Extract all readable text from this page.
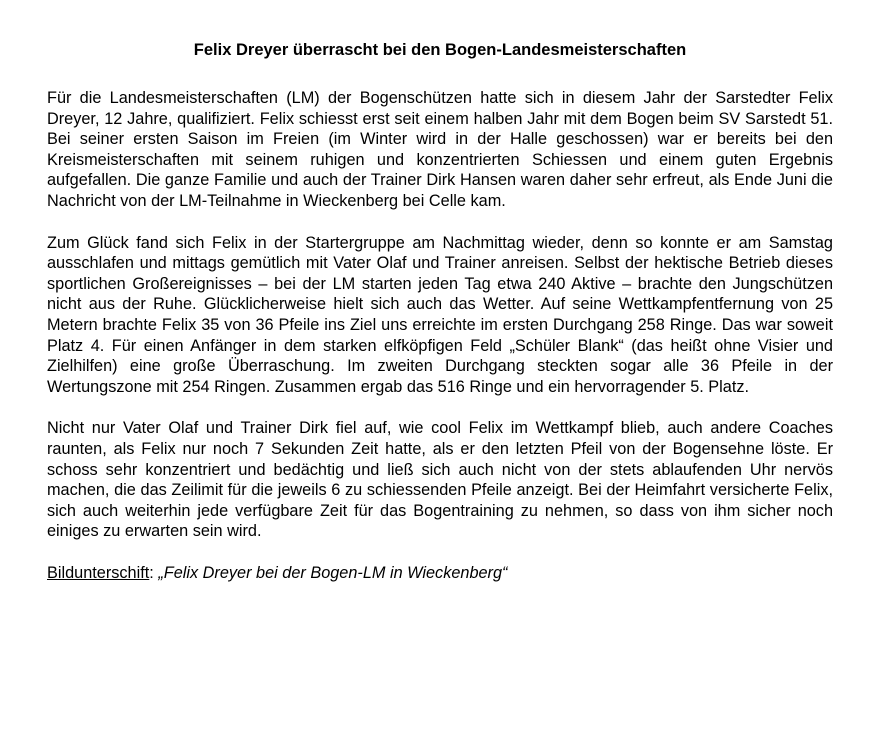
Felix Dreyer überrascht bei den Bogen-Landesmeisterschaften

Für die Landesmeisterschaften (LM) der Bogenschützen hatte sich in diesem Jahr der Sarstedter Felix Dreyer, 12 Jahre, qualifiziert. Felix schiesst erst seit einem halben Jahr mit dem Bogen beim SV Sarstedt 51. Bei seiner ersten Saison im Freien (im Winter wird in der Halle geschossen) war er bereits bei den Kreismeisterschaften mit seinem ruhigen und konzentrierten Schiessen und einem guten Ergebnis aufgefallen. Die ganze Familie und auch der Trainer Dirk Hansen waren daher sehr erfreut, als Ende Juni die Nachricht von der LM-Teilnahme in Wieckenberg bei Celle kam.

Zum Glück fand sich Felix in der Startergruppe am Nachmittag wieder, denn so konnte er am Samstag ausschlafen und mittags gemütlich mit Vater Olaf und Trainer anreisen. Selbst der hektische Betrieb dieses sportlichen Großereignisses – bei der LM starten jeden Tag etwa 240 Aktive – brachte den Jungschützen nicht aus der Ruhe. Glücklicherweise hielt sich auch das Wetter. Auf seine Wettkampfentfernung von 25 Metern brachte Felix 35 von 36 Pfeile ins Ziel uns erreichte im ersten Durchgang 258 Ringe. Das war soweit Platz 4. Für einen Anfänger in dem starken elfköpfigen Feld „Schüler Blank“ (das heißt ohne Visier und Zielhilfen) eine große Überraschung. Im zweiten Durchgang steckten sogar alle 36 Pfeile in der Wertungszone mit 254 Ringen. Zusammen ergab das 516 Ringe und ein hervorragender 5. Platz.

Nicht nur Vater Olaf und Trainer Dirk fiel auf, wie cool Felix im Wettkampf blieb, auch andere Coaches raunten, als Felix nur noch 7 Sekunden Zeit hatte, als er den letzten Pfeil von der Bogensehne löste. Er schoss sehr konzentriert und bedächtig und ließ sich auch nicht von der stets ablaufenden Uhr nervös machen, die das Zeilimit für die jeweils 6 zu schiessenden Pfeile anzeigt. Bei der Heimfahrt versicherte Felix, sich auch weiterhin jede verfügbare Zeit für das Bogentraining zu nehmen, so dass von ihm sicher noch einiges zu erwarten sein wird.

Bildunterschift: „Felix Dreyer bei der Bogen-LM in Wieckenberg“
